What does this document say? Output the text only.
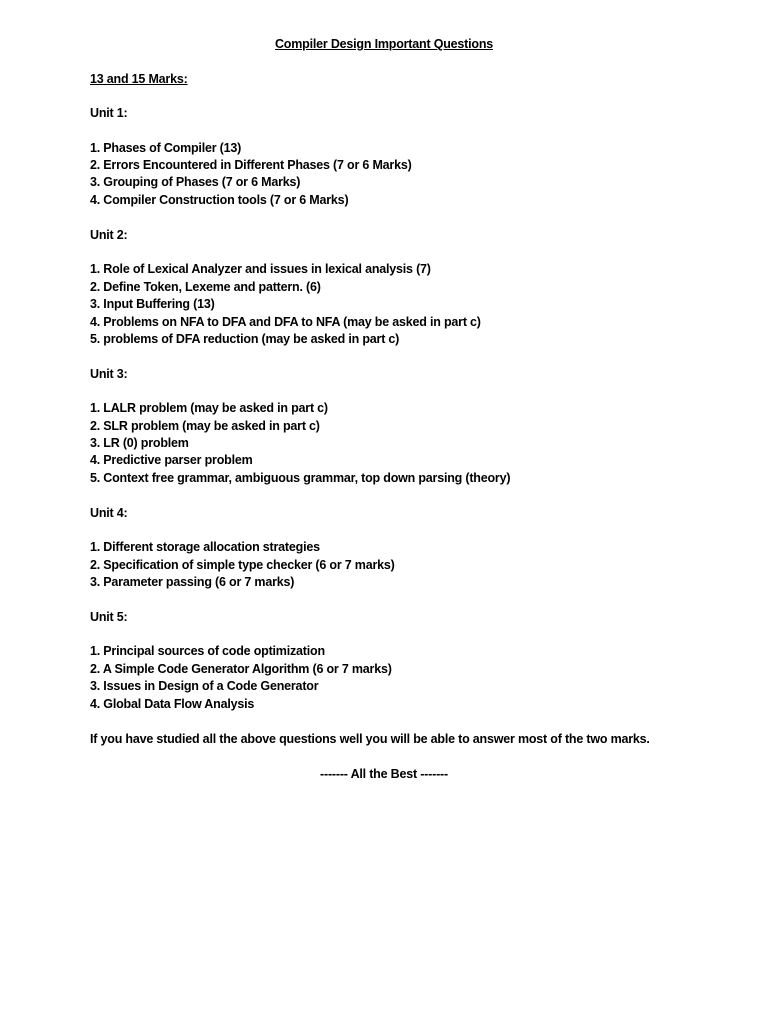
Compiler Design Important Questions
13 and 15 Marks:
Unit 1:
1. Phases of Compiler (13)
2. Errors Encountered in Different Phases (7 or 6 Marks)
3. Grouping of Phases (7 or 6 Marks)
4. Compiler Construction tools (7 or 6 Marks)
Unit 2:
1. Role of Lexical Analyzer and issues in lexical analysis (7)
2. Define Token, Lexeme and pattern. (6)
3. Input Buffering (13)
4. Problems on NFA to DFA and DFA to NFA (may be asked in part c)
5. problems of DFA reduction (may be asked in part c)
Unit 3:
1. LALR problem (may be asked in part c)
2. SLR problem (may be asked in part c)
3. LR (0) problem
4. Predictive parser problem
5. Context free grammar, ambiguous grammar, top down parsing (theory)
Unit 4:
1. Different storage allocation strategies
2. Specification of simple type checker (6 or 7 marks)
3. Parameter passing (6 or 7 marks)
Unit 5:
1. Principal sources of code optimization
2. A Simple Code Generator Algorithm (6 or 7 marks)
3. Issues in Design of a Code Generator
4. Global Data Flow Analysis
If you have studied all the above questions well you will be able to answer most of the two marks.
------- All the Best -------
